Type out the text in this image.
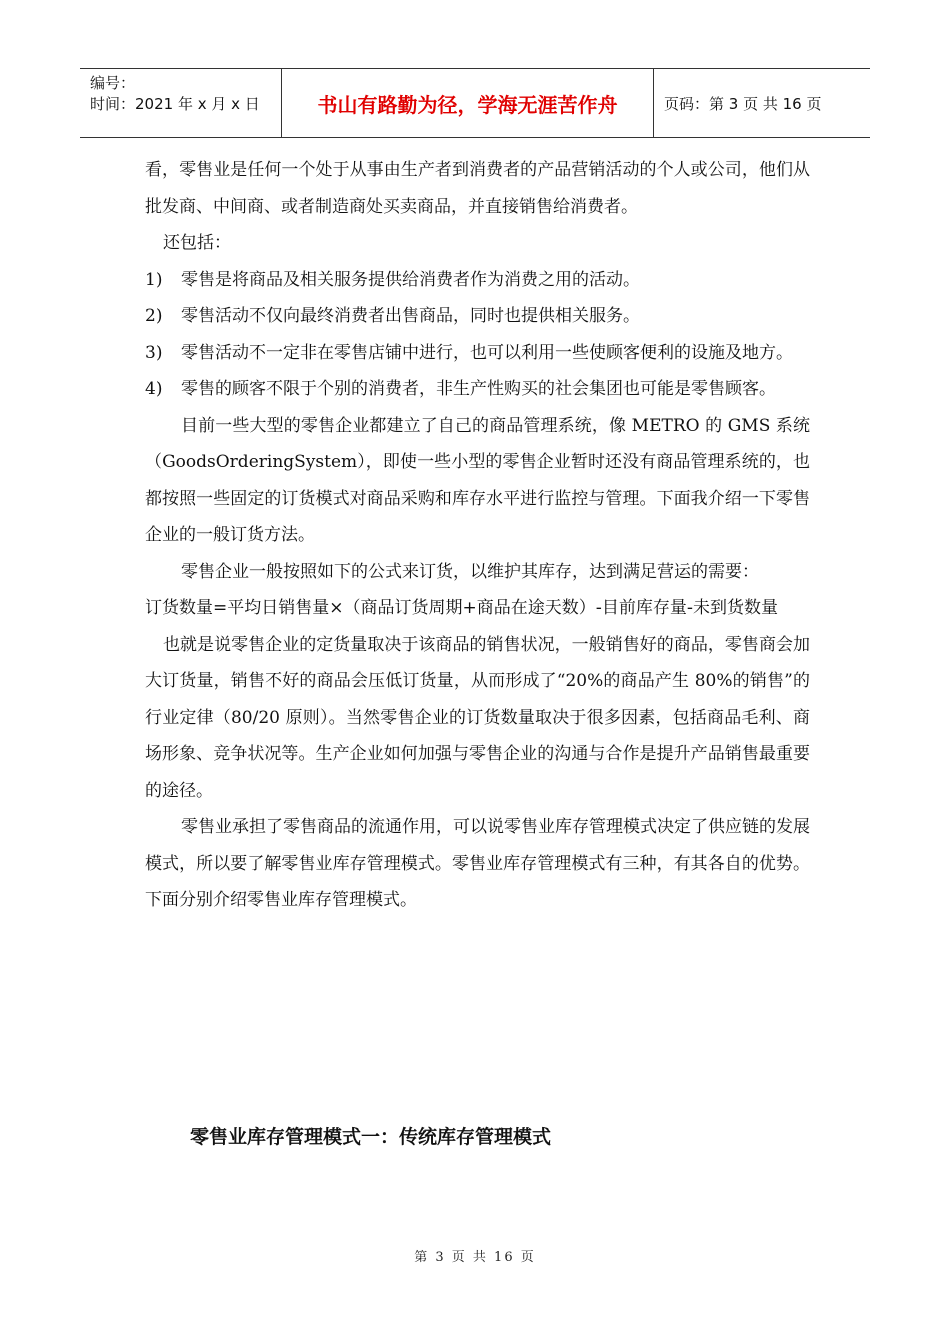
编号：
时间：2021 年 x 月 x 日	书山有路勤为径，学海无涯苦作舟	页码：第 3 页 共 16 页

看，零售业是任何一个处于从事由生产者到消费者的产品营销活动的个人或公司，他们从批发商、中间商、或者制造商处买卖商品，并直接销售给消费者。

还包括：

1)	零售是将商品及相关服务提供给消费者作为消费之用的活动。
2)	零售活动不仅向最终消费者出售商品，同时也提供相关服务。
3)	零售活动不一定非在零售店铺中进行，也可以利用一些使顾客便利的设施及地方。
4)	零售的顾客不限于个别的消费者，非生产性购买的社会集团也可能是零售顾客。

目前一些大型的零售企业都建立了自己的商品管理系统，像 METRO 的 GMS 系统（GoodsOrderingSystem），即使一些小型的零售企业暂时还没有商品管理系统的，也都按照一些固定的订货模式对商品采购和库存水平进行监控与管理。下面我介绍一下零售企业的一般订货方法。

零售企业一般按照如下的公式来订货，以维护其库存，达到满足营运的需要：

订货数量=平均日销售量×（商品订货周期+商品在途天数）-目前库存量-未到货数量

也就是说零售企业的定货量取决于该商品的销售状况，一般销售好的商品，零售商会加大订货量，销售不好的商品会压低订货量，从而形成了“20%的商品产生 80%的销售”的行业定律（80/20 原则）。当然零售企业的订货数量取决于很多因素，包括商品毛利、商场形象、竞争状况等。生产企业如何加强与零售企业的沟通与合作是提升产品销售最重要的途径。

零售业承担了零售商品的流通作用，可以说零售业库存管理模式决定了供应链的发展模式，所以要了解零售业库存管理模式。零售业库存管理模式有三种，有其各自的优势。下面分别介绍零售业库存管理模式。

零售业库存管理模式一：传统库存管理模式
第 3 页 共 16 页
